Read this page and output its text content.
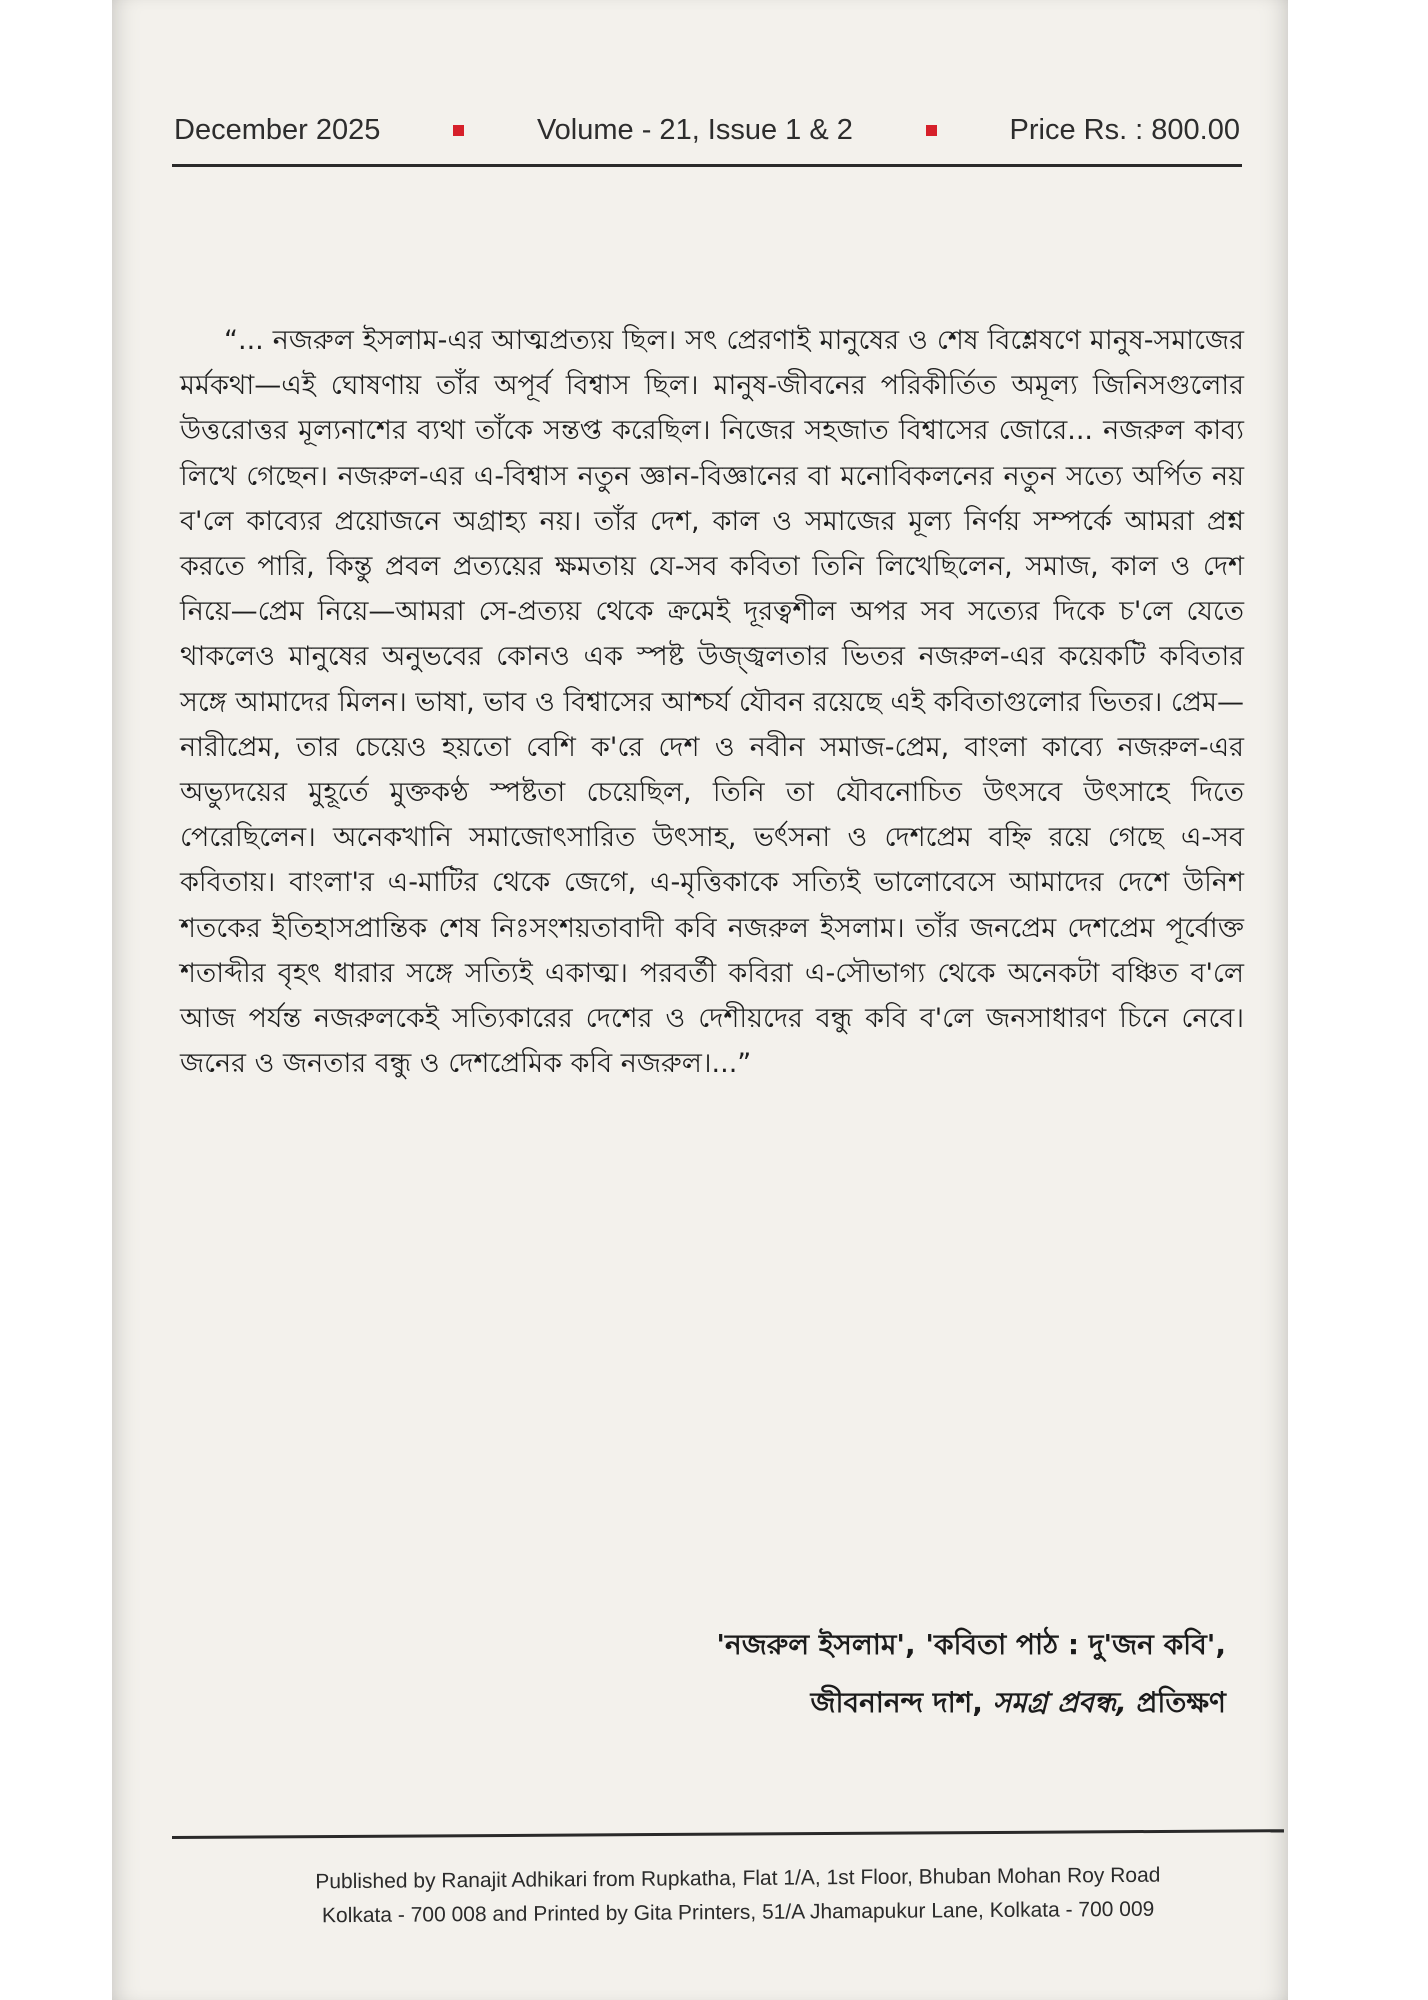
December 2025	Volume - 21, Issue 1 & 2	Price Rs. : 800.00

“... নজরুল ইসলাম-এর আত্মপ্রত্যয় ছিল। সৎ প্রেরণাই মানুষের ও শেষ বিশ্লেষণে মানুষ-সমাজের মর্মকথা—এই ঘোষণায় তাঁর অপূর্ব বিশ্বাস ছিল। মানুষ-জীবনের পরিকীর্তিত অমূল্য জিনিসগুলোর উত্তরোত্তর মূল্যনাশের ব্যথা তাঁকে সন্তপ্ত করেছিল। নিজের সহজাত বিশ্বাসের জোরে... নজরুল কাব্য লিখে গেছেন। নজরুল-এর এ-বিশ্বাস নতুন জ্ঞান-বিজ্ঞানের বা মনোবিকলনের নতুন সত্যে অর্পিত নয় ব'লে কাব্যের প্রয়োজনে অগ্রাহ্য নয়। তাঁর দেশ, কাল ও সমাজের মূল্য নির্ণয় সম্পর্কে আমরা প্রশ্ন করতে পারি, কিন্তু প্রবল প্রত্যয়ের ক্ষমতায় যে-সব কবিতা তিনি লিখেছিলেন, সমাজ, কাল ও দেশ নিয়ে—প্রেম নিয়ে—আমরা সে-প্রত্যয় থেকে ক্রমেই দূরত্বশীল অপর সব সত্যের দিকে চ'লে যেতে থাকলেও মানুষের অনুভবের কোনও এক স্পষ্ট উজ্জ্বলতার ভিতর নজরুল-এর কয়েকটি কবিতার সঙ্গে আমাদের মিলন। ভাষা, ভাব ও বিশ্বাসের আশ্চর্য যৌবন রয়েছে এই কবিতাগুলোর ভিতর। প্রেম—নারীপ্রেম, তার চেয়েও হয়তো বেশি ক'রে দেশ ও নবীন সমাজ-প্রেম, বাংলা কাব্যে নজরুল-এর অভ্যুদয়ের মুহূর্তে মুক্তকণ্ঠ স্পষ্টতা চেয়েছিল, তিনি তা যৌবনোচিত উৎসবে উৎসাহে দিতে পেরেছিলেন। অনেকখানি সমাজোৎসারিত উৎসাহ, ভর্ৎসনা ও দেশপ্রেম বহ্নি রয়ে গেছে এ-সব কবিতায়। বাংলা'র এ-মাটির থেকে জেগে, এ-মৃত্তিকাকে সত্যিই ভালোবেসে আমাদের দেশে উনিশ শতকের ইতিহাসপ্রান্তিক শেষ নিঃসংশয়তাবাদী কবি নজরুল ইসলাম। তাঁর জনপ্রেম দেশপ্রেম পূর্বোক্ত শতাব্দীর বৃহৎ ধারার সঙ্গে সত্যিই একাত্ম। পরবর্তী কবিরা এ-সৌভাগ্য থেকে অনেকটা বঞ্চিত ব'লে আজ পর্যন্ত নজরুলকেই সত্যিকারের দেশের ও দেশীয়দের বন্ধু কবি ব'লে জনসাধারণ চিনে নেবে। জনের ও জনতার বন্ধু ও দেশপ্রেমিক কবি নজরুল।...”

'নজরুল ইসলাম', 'কবিতা পাঠ : দু'জন কবি',
জীবনানন্দ দাশ, সমগ্র প্রবন্ধ, প্রতিক্ষণ
Published by Ranajit Adhikari from Rupkatha, Flat 1/A, 1st Floor, Bhuban Mohan Roy Road
Kolkata - 700 008 and Printed by Gita Printers, 51/A Jhamapukur Lane, Kolkata - 700 009
